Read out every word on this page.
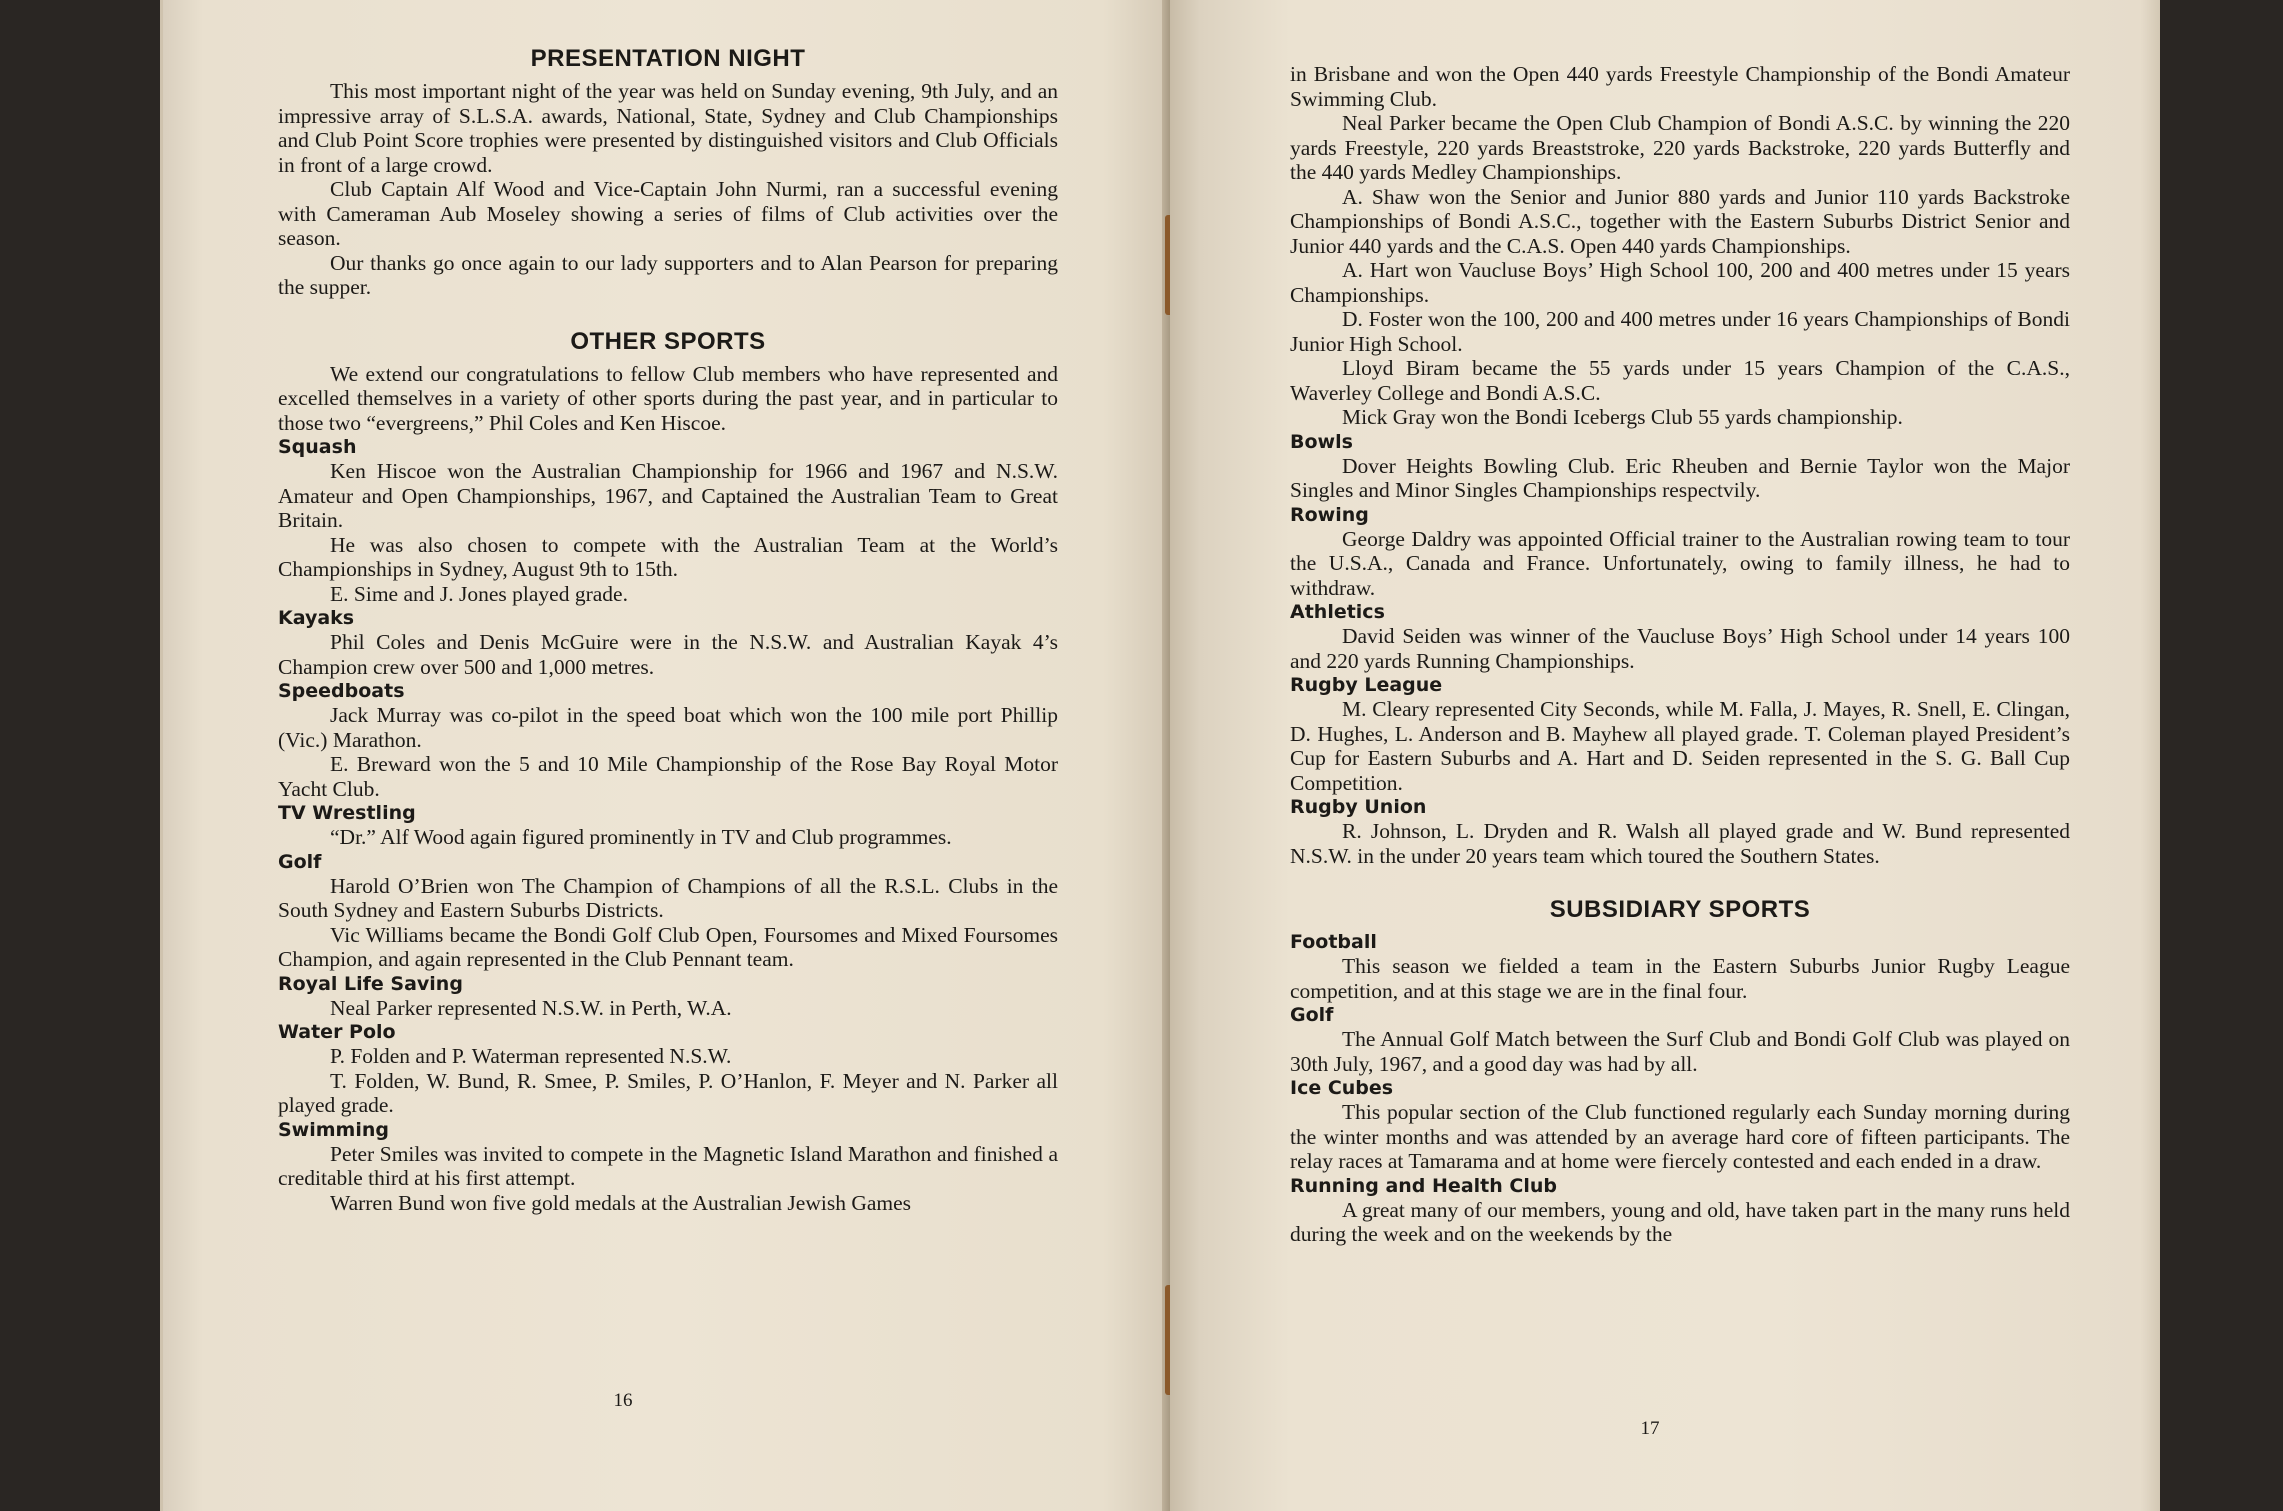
PRESENTATION NIGHT

This most important night of the year was held on Sunday evening, 9th July, and an impressive array of S.L.S.A. awards, National, State, Sydney and Club Championships and Club Point Score trophies were presented by distinguished visitors and Club Officials in front of a large crowd.

Club Captain Alf Wood and Vice-Captain John Nurmi, ran a successful evening with Cameraman Aub Moseley showing a series of films of Club activities over the season.

Our thanks go once again to our lady supporters and to Alan Pearson for preparing the supper.

OTHER SPORTS

We extend our congratulations to fellow Club members who have represented and excelled themselves in a variety of other sports during the past year, and in particular to those two “evergreens,” Phil Coles and Ken Hiscoe.

Squash

Ken Hiscoe won the Australian Championship for 1966 and 1967 and N.S.W. Amateur and Open Championships, 1967, and Captained the Australian Team to Great Britain.

He was also chosen to compete with the Australian Team at the World’s Championships in Sydney, August 9th to 15th.

E. Sime and J. Jones played grade.

Kayaks

Phil Coles and Denis McGuire were in the N.S.W. and Australian Kayak 4’s Champion crew over 500 and 1,000 metres.

Speedboats

Jack Murray was co-pilot in the speed boat which won the 100 mile port Phillip (Vic.) Marathon.

E. Breward won the 5 and 10 Mile Championship of the Rose Bay Royal Motor Yacht Club.

TV Wrestling

“Dr.” Alf Wood again figured prominently in TV and Club programmes.

Golf

Harold O’Brien won The Champion of Champions of all the R.S.L. Clubs in the South Sydney and Eastern Suburbs Districts.

Vic Williams became the Bondi Golf Club Open, Foursomes and Mixed Foursomes Champion, and again represented in the Club Pennant team.

Royal Life Saving

Neal Parker represented N.S.W. in Perth, W.A.

Water Polo

P. Folden and P. Waterman represented N.S.W.

T. Folden, W. Bund, R. Smee, P. Smiles, P. O’Hanlon, F. Meyer and N. Parker all played grade.

Swimming

Peter Smiles was invited to compete in the Magnetic Island Marathon and finished a creditable third at his first attempt.

Warren Bund won five gold medals at the Australian Jewish Games

16

in Brisbane and won the Open 440 yards Freestyle Championship of the Bondi Amateur Swimming Club.

Neal Parker became the Open Club Champion of Bondi A.S.C. by winning the 220 yards Freestyle, 220 yards Breaststroke, 220 yards Backstroke, 220 yards Butterfly and the 440 yards Medley Championships.

A. Shaw won the Senior and Junior 880 yards and Junior 110 yards Backstroke Championships of Bondi A.S.C., together with the Eastern Suburbs District Senior and Junior 440 yards and the C.A.S. Open 440 yards Championships.

A. Hart won Vaucluse Boys’ High School 100, 200 and 400 metres under 15 years Championships.

D. Foster won the 100, 200 and 400 metres under 16 years Championships of Bondi Junior High School.

Lloyd Biram became the 55 yards under 15 years Champion of the C.A.S., Waverley College and Bondi A.S.C.

Mick Gray won the Bondi Icebergs Club 55 yards championship.

Bowls

Dover Heights Bowling Club. Eric Rheuben and Bernie Taylor won the Major Singles and Minor Singles Championships respectvily.

Rowing

George Daldry was appointed Official trainer to the Australian rowing team to tour the U.S.A., Canada and France. Unfortunately, owing to family illness, he had to withdraw.

Athletics

David Seiden was winner of the Vaucluse Boys’ High School under 14 years 100 and 220 yards Running Championships.

Rugby League

M. Cleary represented City Seconds, while M. Falla, J. Mayes, R. Snell, E. Clingan, D. Hughes, L. Anderson and B. Mayhew all played grade. T. Coleman played President’s Cup for Eastern Suburbs and A. Hart and D. Seiden represented in the S. G. Ball Cup Competition.

Rugby Union

R. Johnson, L. Dryden and R. Walsh all played grade and W. Bund represented N.S.W. in the under 20 years team which toured the Southern States.

SUBSIDIARY SPORTS
Football

This season we fielded a team in the Eastern Suburbs Junior Rugby League competition, and at this stage we are in the final four.

Golf

The Annual Golf Match between the Surf Club and Bondi Golf Club was played on 30th July, 1967, and a good day was had by all.

Ice Cubes

This popular section of the Club functioned regularly each Sunday morning during the winter months and was attended by an average hard core of fifteen participants. The relay races at Tamarama and at home were fiercely contested and each ended in a draw.

Running and Health Club

A great many of our members, young and old, have taken part in the many runs held during the week and on the weekends by the

17
